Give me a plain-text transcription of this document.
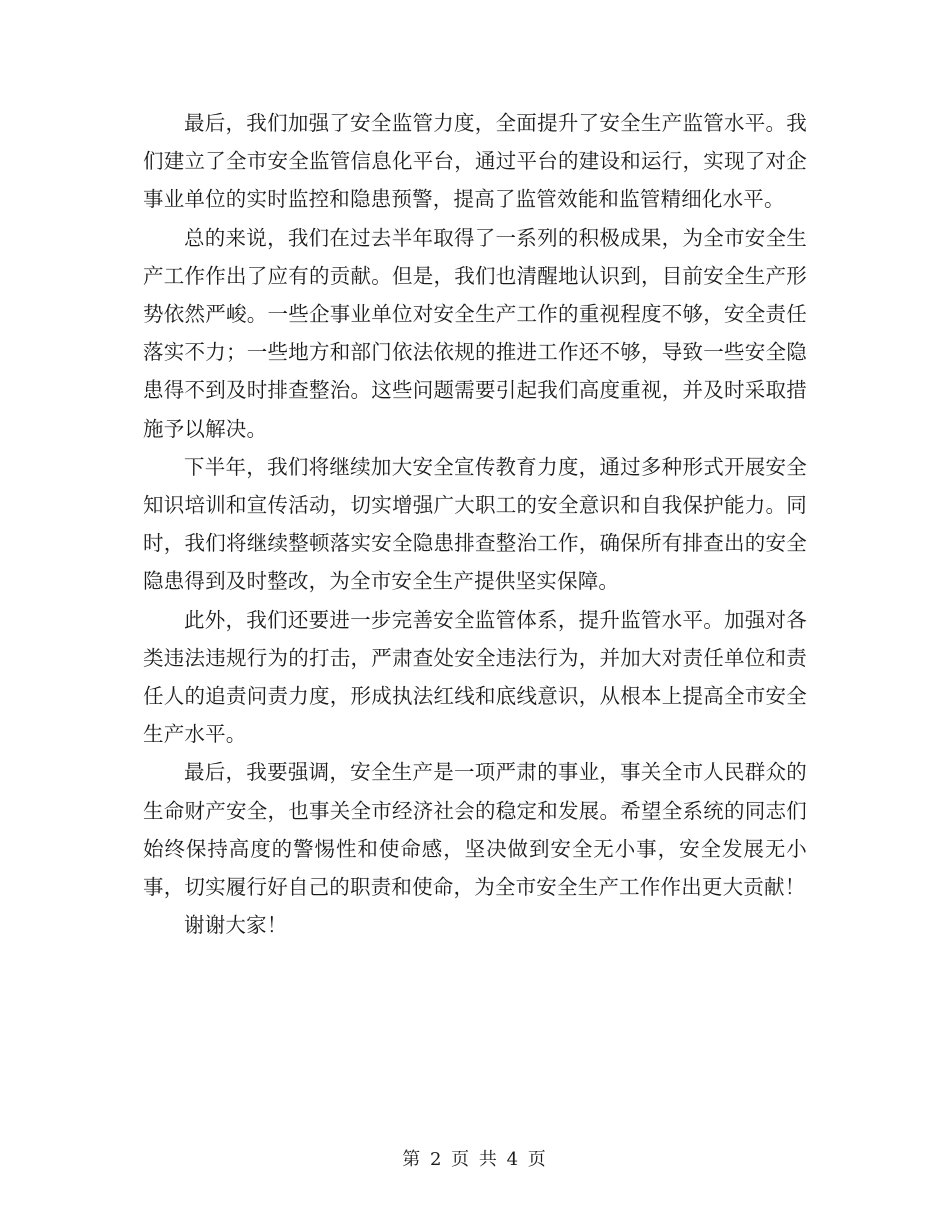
最后，我们加强了安全监管力度，全面提升了安全生产监管水平。我们建立了全市安全监管信息化平台，通过平台的建设和运行，实现了对企事业单位的实时监控和隐患预警，提高了监管效能和监管精细化水平。

总的来说，我们在过去半年取得了一系列的积极成果，为全市安全生产工作作出了应有的贡献。但是，我们也清醒地认识到，目前安全生产形势依然严峻。一些企事业单位对安全生产工作的重视程度不够，安全责任落实不力；一些地方和部门依法依规的推进工作还不够，导致一些安全隐患得不到及时排查整治。这些问题需要引起我们高度重视，并及时采取措施予以解决。

下半年，我们将继续加大安全宣传教育力度，通过多种形式开展安全知识培训和宣传活动，切实增强广大职工的安全意识和自我保护能力。同时，我们将继续整顿落实安全隐患排查整治工作，确保所有排查出的安全隐患得到及时整改，为全市安全生产提供坚实保障。

此外，我们还要进一步完善安全监管体系，提升监管水平。加强对各类违法违规行为的打击，严肃查处安全违法行为，并加大对责任单位和责任人的追责问责力度，形成执法红线和底线意识，从根本上提高全市安全生产水平。

最后，我要强调，安全生产是一项严肃的事业，事关全市人民群众的生命财产安全，也事关全市经济社会的稳定和发展。希望全系统的同志们始终保持高度的警惕性和使命感，坚决做到安全无小事，安全发展无小事，切实履行好自己的职责和使命，为全市安全生产工作作出更大贡献！

谢谢大家！

第 2 页 共 4 页
